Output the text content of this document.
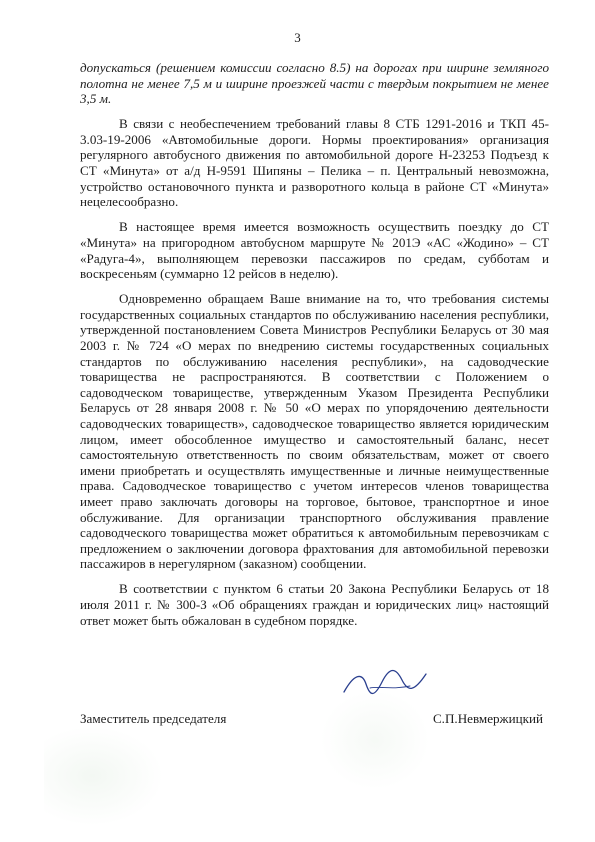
3

допускаться (решением комиссии согласно 8.5) на дорогах при ширине земляного полотна не менее 7,5 м и ширине проезжей части с твердым покрытием не менее 3,5 м.

В связи с необеспечением требований главы 8 СТБ 1291-2016 и ТКП 45-3.03-19-2006 «Автомобильные дороги. Нормы проектирования» организация регулярного автобусного движения по автомобильной дороге Н-23253 Подъезд к СТ «Минута» от а/д Н-9591 Шипяны – Пелика – п. Центральный невозможна, устройство остановочного пункта и разворотного кольца в районе СТ «Минута» нецелесообразно.

В настоящее время имеется возможность осуществить поездку до СТ «Минута» на пригородном автобусном маршруте № 201Э «АС «Жодино» – СТ «Радуга-4», выполняющем перевозки пассажиров по средам, субботам и воскресеньям (суммарно 12 рейсов в неделю).

Одновременно обращаем Ваше внимание на то, что требования системы государственных социальных стандартов по обслуживанию населения республики, утвержденной постановлением Совета Министров Республики Беларусь от 30 мая 2003 г. № 724 «О мерах по внедрению системы государственных социальных стандартов по обслуживанию населения республики», на садоводческие товарищества не распространяются. В соответствии с Положением о садоводческом товариществе, утвержденным Указом Президента Республики Беларусь от 28 января 2008 г. № 50 «О мерах по упорядочению деятельности садоводческих товариществ», садоводческое товарищество является юридическим лицом, имеет обособленное имущество и самостоятельный баланс, несет самостоятельную ответственность по своим обязательствам, может от своего имени приобретать и осуществлять имущественные и личные неимущественные права. Садоводческое товарищество с учетом интересов членов товарищества имеет право заключать договоры на торговое, бытовое, транспортное и иное обслуживание. Для организации транспортного обслуживания правление садоводческого товарищества может обратиться к автомобильным перевозчикам с предложением о заключении договора фрахтования для автомобильной перевозки пассажиров в нерегулярном (заказном) сообщении.

В соответствии с пунктом 6 статьи 20 Закона Республики Беларусь от 18 июля 2011 г. № 300-З «Об обращениях граждан и юридических лиц» настоящий ответ может быть обжалован в судебном порядке.

Заместитель председателя	С.П.Невмержицкий
